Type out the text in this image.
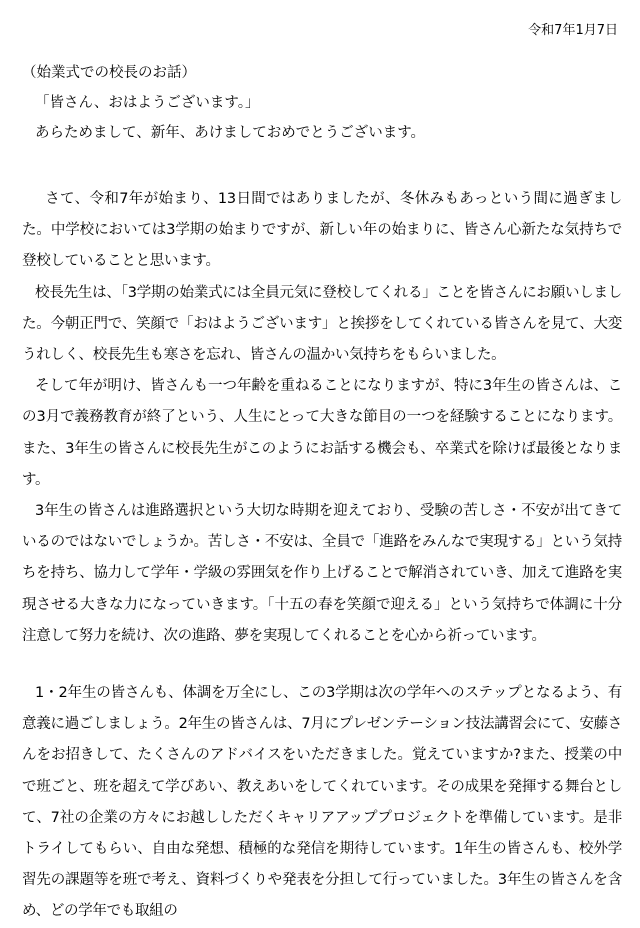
令和7年1月7日
（始業式での校長のお話）
「皆さん、おはようございます。」
あらためまして、新年、あけましておめでとうございます。

さて、令和7年が始まり、13日間ではありましたが、冬休みもあっという間に過ぎました。中学校においては3学期の始まりですが、新しい年の始まりに、皆さん心新たな気持ちで登校していることと思います。

校長先生は、「3学期の始業式には全員元気に登校してくれる」ことを皆さんにお願いしました。今朝正門で、笑顔で「おはようございます」と挨拶をしてくれている皆さんを見て、大変うれしく、校長先生も寒さを忘れ、皆さんの温かい気持ちをもらいました。

そして年が明け、皆さんも一つ年齢を重ねることになりますが、特に3年生の皆さんは、この3月で義務教育が終了という、人生にとって大きな節目の一つを経験することになります。また、3年生の皆さんに校長先生がこのようにお話する機会も、卒業式を除けば最後となります。

3年生の皆さんは進路選択という大切な時期を迎えており、受験の苦しさ・不安が出てきているのではないでしょうか。苦しさ・不安は、全員で「進路をみんなで実現する」という気持ちを持ち、協力して学年・学級の雰囲気を作り上げることで解消されていき、加えて進路を実現させる大きな力になっていきます。「十五の春を笑顔で迎える」という気持ちで体調に十分注意して努力を続け、次の進路、夢を実現してくれることを心から祈っています。

1・2年生の皆さんも、体調を万全にし、この3学期は次の学年へのステップとなるよう、有意義に過ごしましょう。2年生の皆さんは、7月にプレゼンテーション技法講習会にて、安藤さんをお招きして、たくさんのアドバイスをいただきました。覚えていますか?また、授業の中で班ごと、班を超えて学びあい、教えあいをしてくれています。その成果を発揮する舞台として、7社の企業の方々にお越ししただくキャリアアッププロジェクトを準備しています。是非トライしてもらい、自由な発想、積極的な発信を期待しています。1年生の皆さんも、校外学習先の課題等を班で考え、資料づくりや発表を分担して行っていました。3年生の皆さんを含め、どの学年でも取組の
